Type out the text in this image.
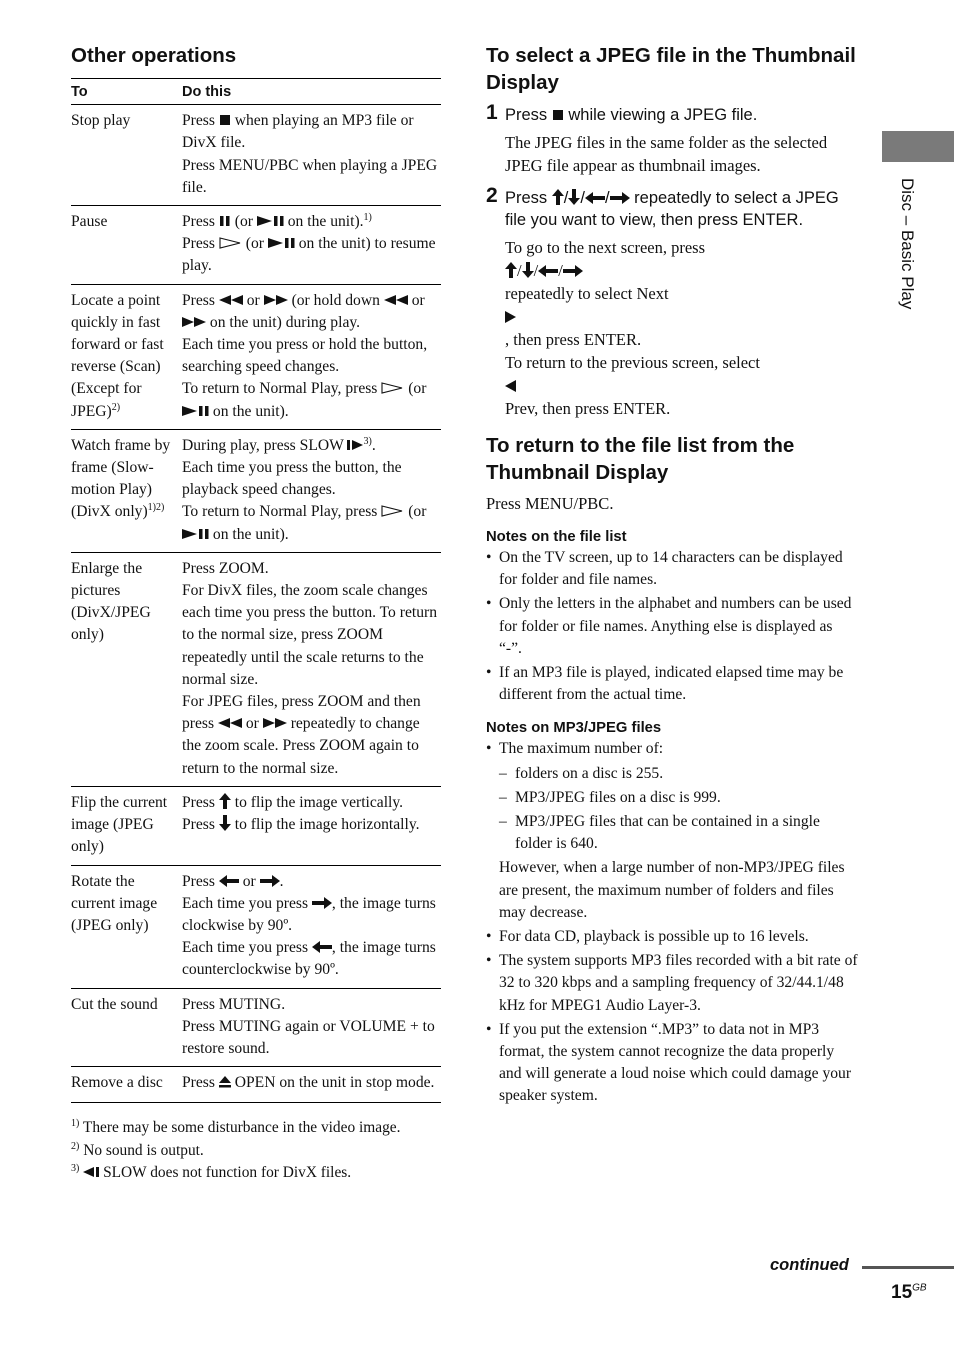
Other operations
To	Do this
Stop play	Press when playing an MP3 file or DivX file.
Press MENU/PBC when playing a JPEG file.

Pause	Press (or on the unit).$^{1)}$
Press (or on the unit) to resume play.

Locate a point quickly in fast forward or fast reverse (Scan) (Except for JPEG)$^{2)}$	Press or (or hold down or  on the unit) during play.
Each time you press or hold the button, searching speed changes.
To return to Normal Play, press (or  on the unit).

Watch frame by frame (Slow-motion Play) (DivX only)$^{1)2)}$	During play, press SLOW $^{3)}$.
Each time you press the button, the playback speed changes.
To return to Normal Play, press (or  on the unit).

Enlarge the pictures (DivX/JPEG only)	Press ZOOM.
For DivX files, the zoom scale changes each time you press the button. To return to the normal size, press ZOOM repeatedly until the scale returns to the normal size.
For JPEG files, press ZOOM and then press or repeatedly to change the zoom scale. Press ZOOM again to return to the normal size.

Flip the current image (JPEG only)	Press to flip the image vertically.
Press to flip the image horizontally.

Rotate the current image (JPEG only)	Press or .
Each time you press , the image turns clockwise by 90º.
Each time you press , the image turns counterclockwise by 90º.

Cut the sound	Press MUTING.
Press MUTING again or VOLUME + to restore sound.

Remove a disc	Press OPEN on the unit in stop mode.
$^{1)}$ There may be some disturbance in the video image.
$^{2)}$ No sound is output.
$^{3)}$ SLOW does not function for DivX files.
To select a JPEG file in the Thumbnail Display
1 Press while viewing a JPEG file.
The JPEG files in the same folder as the selected JPEG file appear as thumbnail images.
2 Press / / / repeatedly to select a JPEG file you want to view, then press ENTER.
To go to the next screen, press
/ / /
repeatedly to select Next
, then press ENTER.
To return to the previous screen, select
Prev, then press ENTER.
To return to the file list from the Thumbnail Display
Press MENU/PBC.
Notes on the file list
• On the TV screen, up to 14 characters can be displayed for folder and file names.
• Only the letters in the alphabet and numbers can be used for folder or file names. Anything else is displayed as “-”.
• If an MP3 file is played, indicated elapsed time may be different from the actual time.
Notes on MP3/JPEG files
• The maximum number of:
– folders on a disc is 255.
– MP3/JPEG files on a disc is 999.
– MP3/JPEG files that can be contained in a single folder is 640.
However, when a large number of non-MP3/JPEG files are present, the maximum number of folders and files may decrease.
• For data CD, playback is possible up to 16 levels.
• The system supports MP3 files recorded with a bit rate of 32 to 320 kbps and a sampling frequency of 32/44.1/48 kHz for MPEG1 Audio Layer-3.
• If you put the extension “.MP3” to data not in MP3 format, the system cannot recognize the data properly and will generate a loud noise which could damage your speaker system.
Disc – Basic Play
continued
$15^{GB}$
